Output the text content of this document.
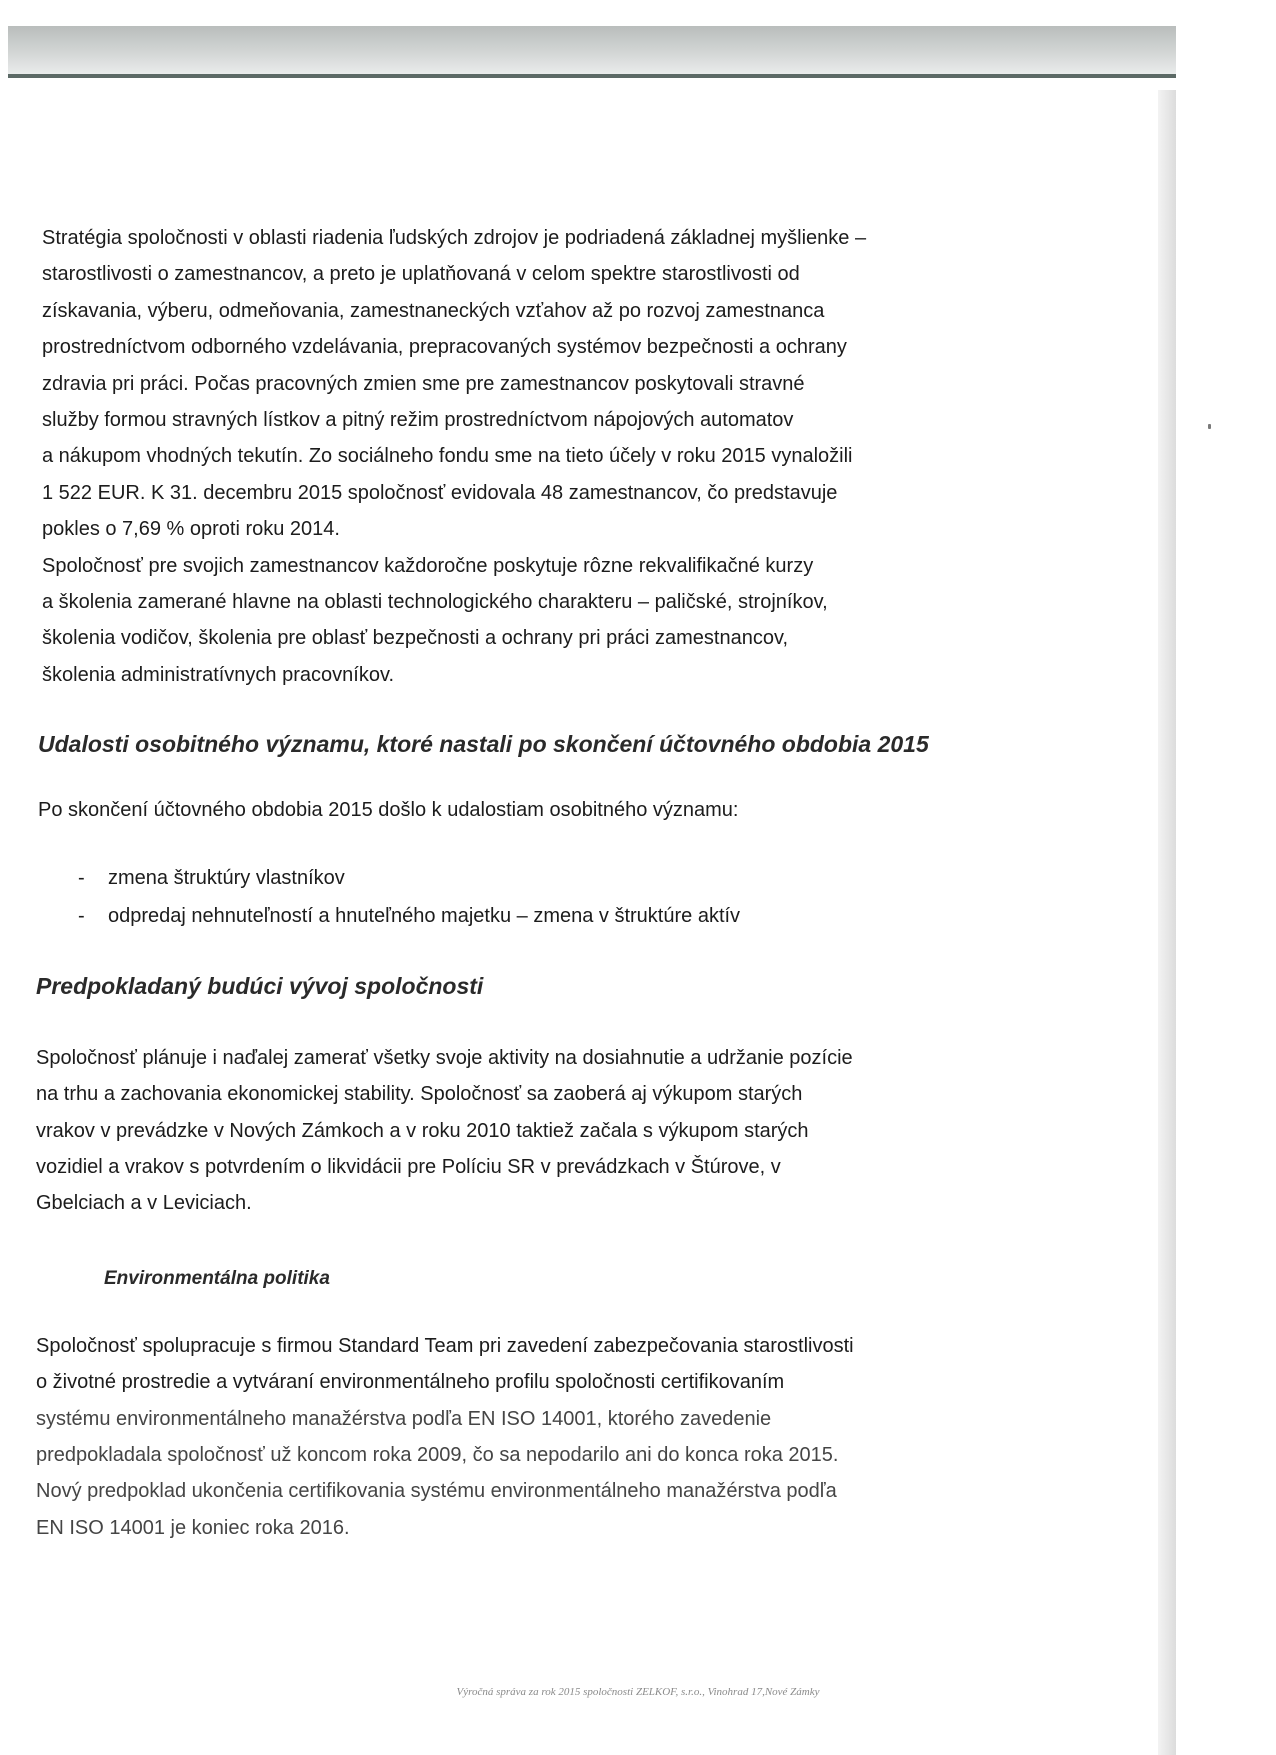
Stratégia spoločnosti v oblasti riadenia ľudských zdrojov je podriadená základnej myšlienke –

starostlivosti o zamestnancov, a preto je uplatňovaná v celom spektre starostlivosti od

získavania, výberu, odmeňovania, zamestnaneckých vzťahov až po rozvoj zamestnanca

prostredníctvom odborného vzdelávania, prepracovaných systémov bezpečnosti a ochrany

zdravia pri práci. Počas pracovných zmien sme pre zamestnancov poskytovali stravné

služby formou stravných lístkov a pitný režim prostredníctvom nápojových automatov

a nákupom vhodných tekutín. Zo sociálneho fondu sme na tieto účely v roku 2015 vynaložili

1 522 EUR. K 31. decembru 2015 spoločnosť evidovala 48 zamestnancov, čo predstavuje

pokles o 7,69 % oproti roku 2014.

Spoločnosť pre svojich zamestnancov každoročne poskytuje rôzne rekvalifikačné kurzy

a školenia zamerané hlavne na oblasti technologického charakteru – paličské, strojníkov,

školenia vodičov, školenia pre oblasť bezpečnosti a ochrany pri práci zamestnancov,

školenia administratívnych pracovníkov.

Udalosti osobitného významu, ktoré nastali po skončení účtovného obdobia 2015

Po skončení účtovného obdobia 2015 došlo k udalostiam osobitného významu:

- zmena štruktúry vlastníkov
- odpredaj nehnuteľností a hnuteľného majetku – zmena v štruktúre aktív
Predpokladaný budúci vývoj spoločnosti

Spoločnosť plánuje i naďalej zamerať všetky svoje aktivity na dosiahnutie a udržanie pozície

na trhu a zachovania ekonomickej stability. Spoločnosť sa zaoberá aj výkupom starých

vrakov v prevádzke v Nových Zámkoch a v roku 2010 taktiež začala s výkupom starých

vozidiel a vrakov s potvrdením o likvidácii pre Políciu SR v prevádzkach v Štúrove, v

Gbelciach a v Leviciach.

Environmentálna politika

Spoločnosť spolupracuje s firmou Standard Team pri zavedení zabezpečovania starostlivosti

o životné prostredie a vytváraní environmentálneho profilu spoločnosti certifikovaním

systému environmentálneho manažérstva podľa EN ISO 14001, ktorého zavedenie

predpokladala spoločnosť už koncom roka 2009, čo sa nepodarilo ani do konca roka 2015.

Nový predpoklad ukončenia certifikovania systému environmentálneho manažérstva podľa

EN ISO 14001 je koniec roka 2016.

Výročná správa za rok 2015 spoločnosti ZELKOF, s.r.o., Vinohrad 17,Nové Zámky
